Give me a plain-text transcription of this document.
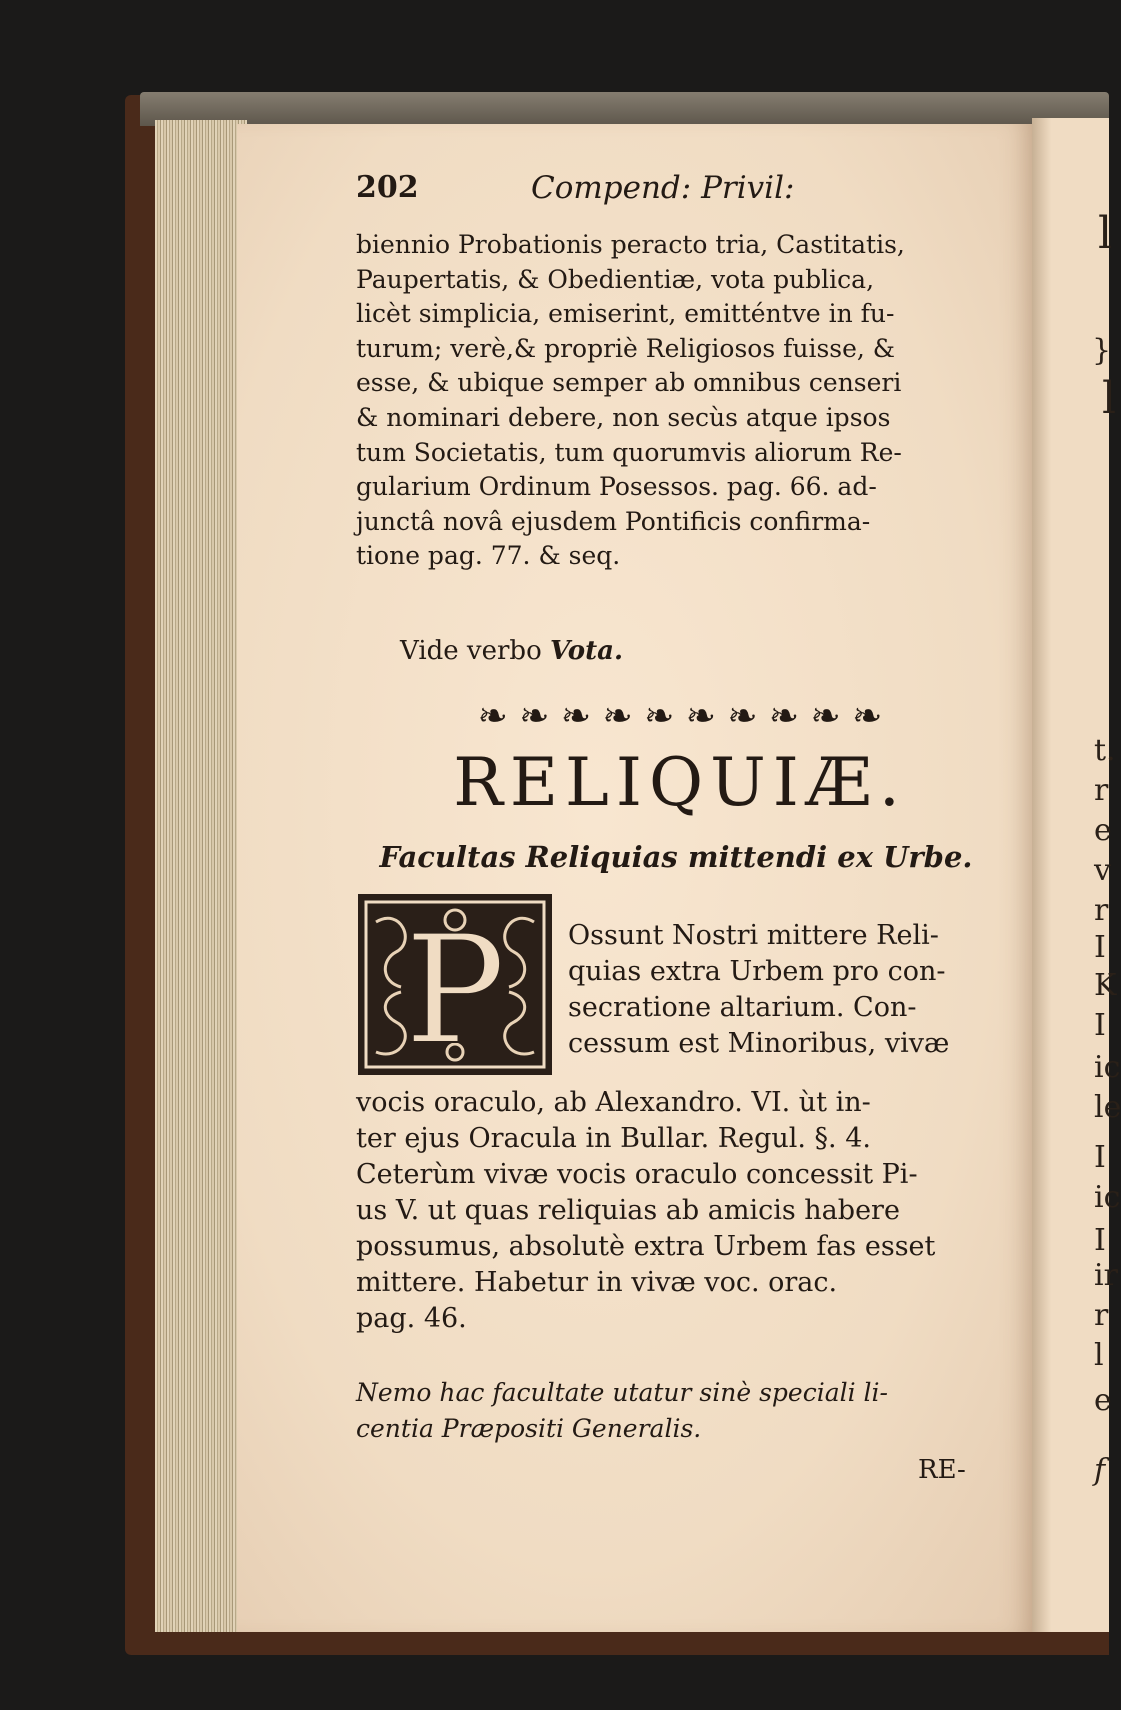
l
}
l
t.
r
e
v
r
I
K
I
ic
le
I
ic
I
ir
r
l
e
f
202	Compend: Privil:
biennio Probationis peracto tria, Castitatis,
Paupertatis, & Obedientiæ, vota publica,
licèt simplicia, emiserint, emitténtve in fu-
turum; verè,& propriè Religiosos fuisse, &
esse, & ubique semper ab omnibus censeri
& nominari debere, non secùs atque ipsos
tum Societatis, tum quorumvis aliorum Re-
gularium Ordinum Posessos. pag. 66. ad-
junctâ novâ ejusdem Pontificis confirma-
tione pag. 77. & seq.
Vide verbo Vota.
❧ ❧ ❧ ❧ ❧ ❧ ❧ ❧ ❧ ❧
RELIQUIÆ.
Facultas Reliquias mittendi ex Urbe.
P Ossunt Nostri mittere Reli-
quias extra Urbem pro con-
secratione altarium. Con-
cessum est Minoribus, vivæ
vocis oraculo, ab Alexandro. VI. ùt in-
ter ejus Oracula in Bullar. Regul. §. 4.
Ceterùm vivæ vocis oraculo concessit Pi-
us V. ut quas reliquias ab amicis habere
possumus, absolutè extra Urbem fas esset
mittere. Habetur in vivæ voc. orac.
pag. 46.
Nemo hac facultate utatur sinè speciali li-
centia Præpositi Generalis.
RE-
